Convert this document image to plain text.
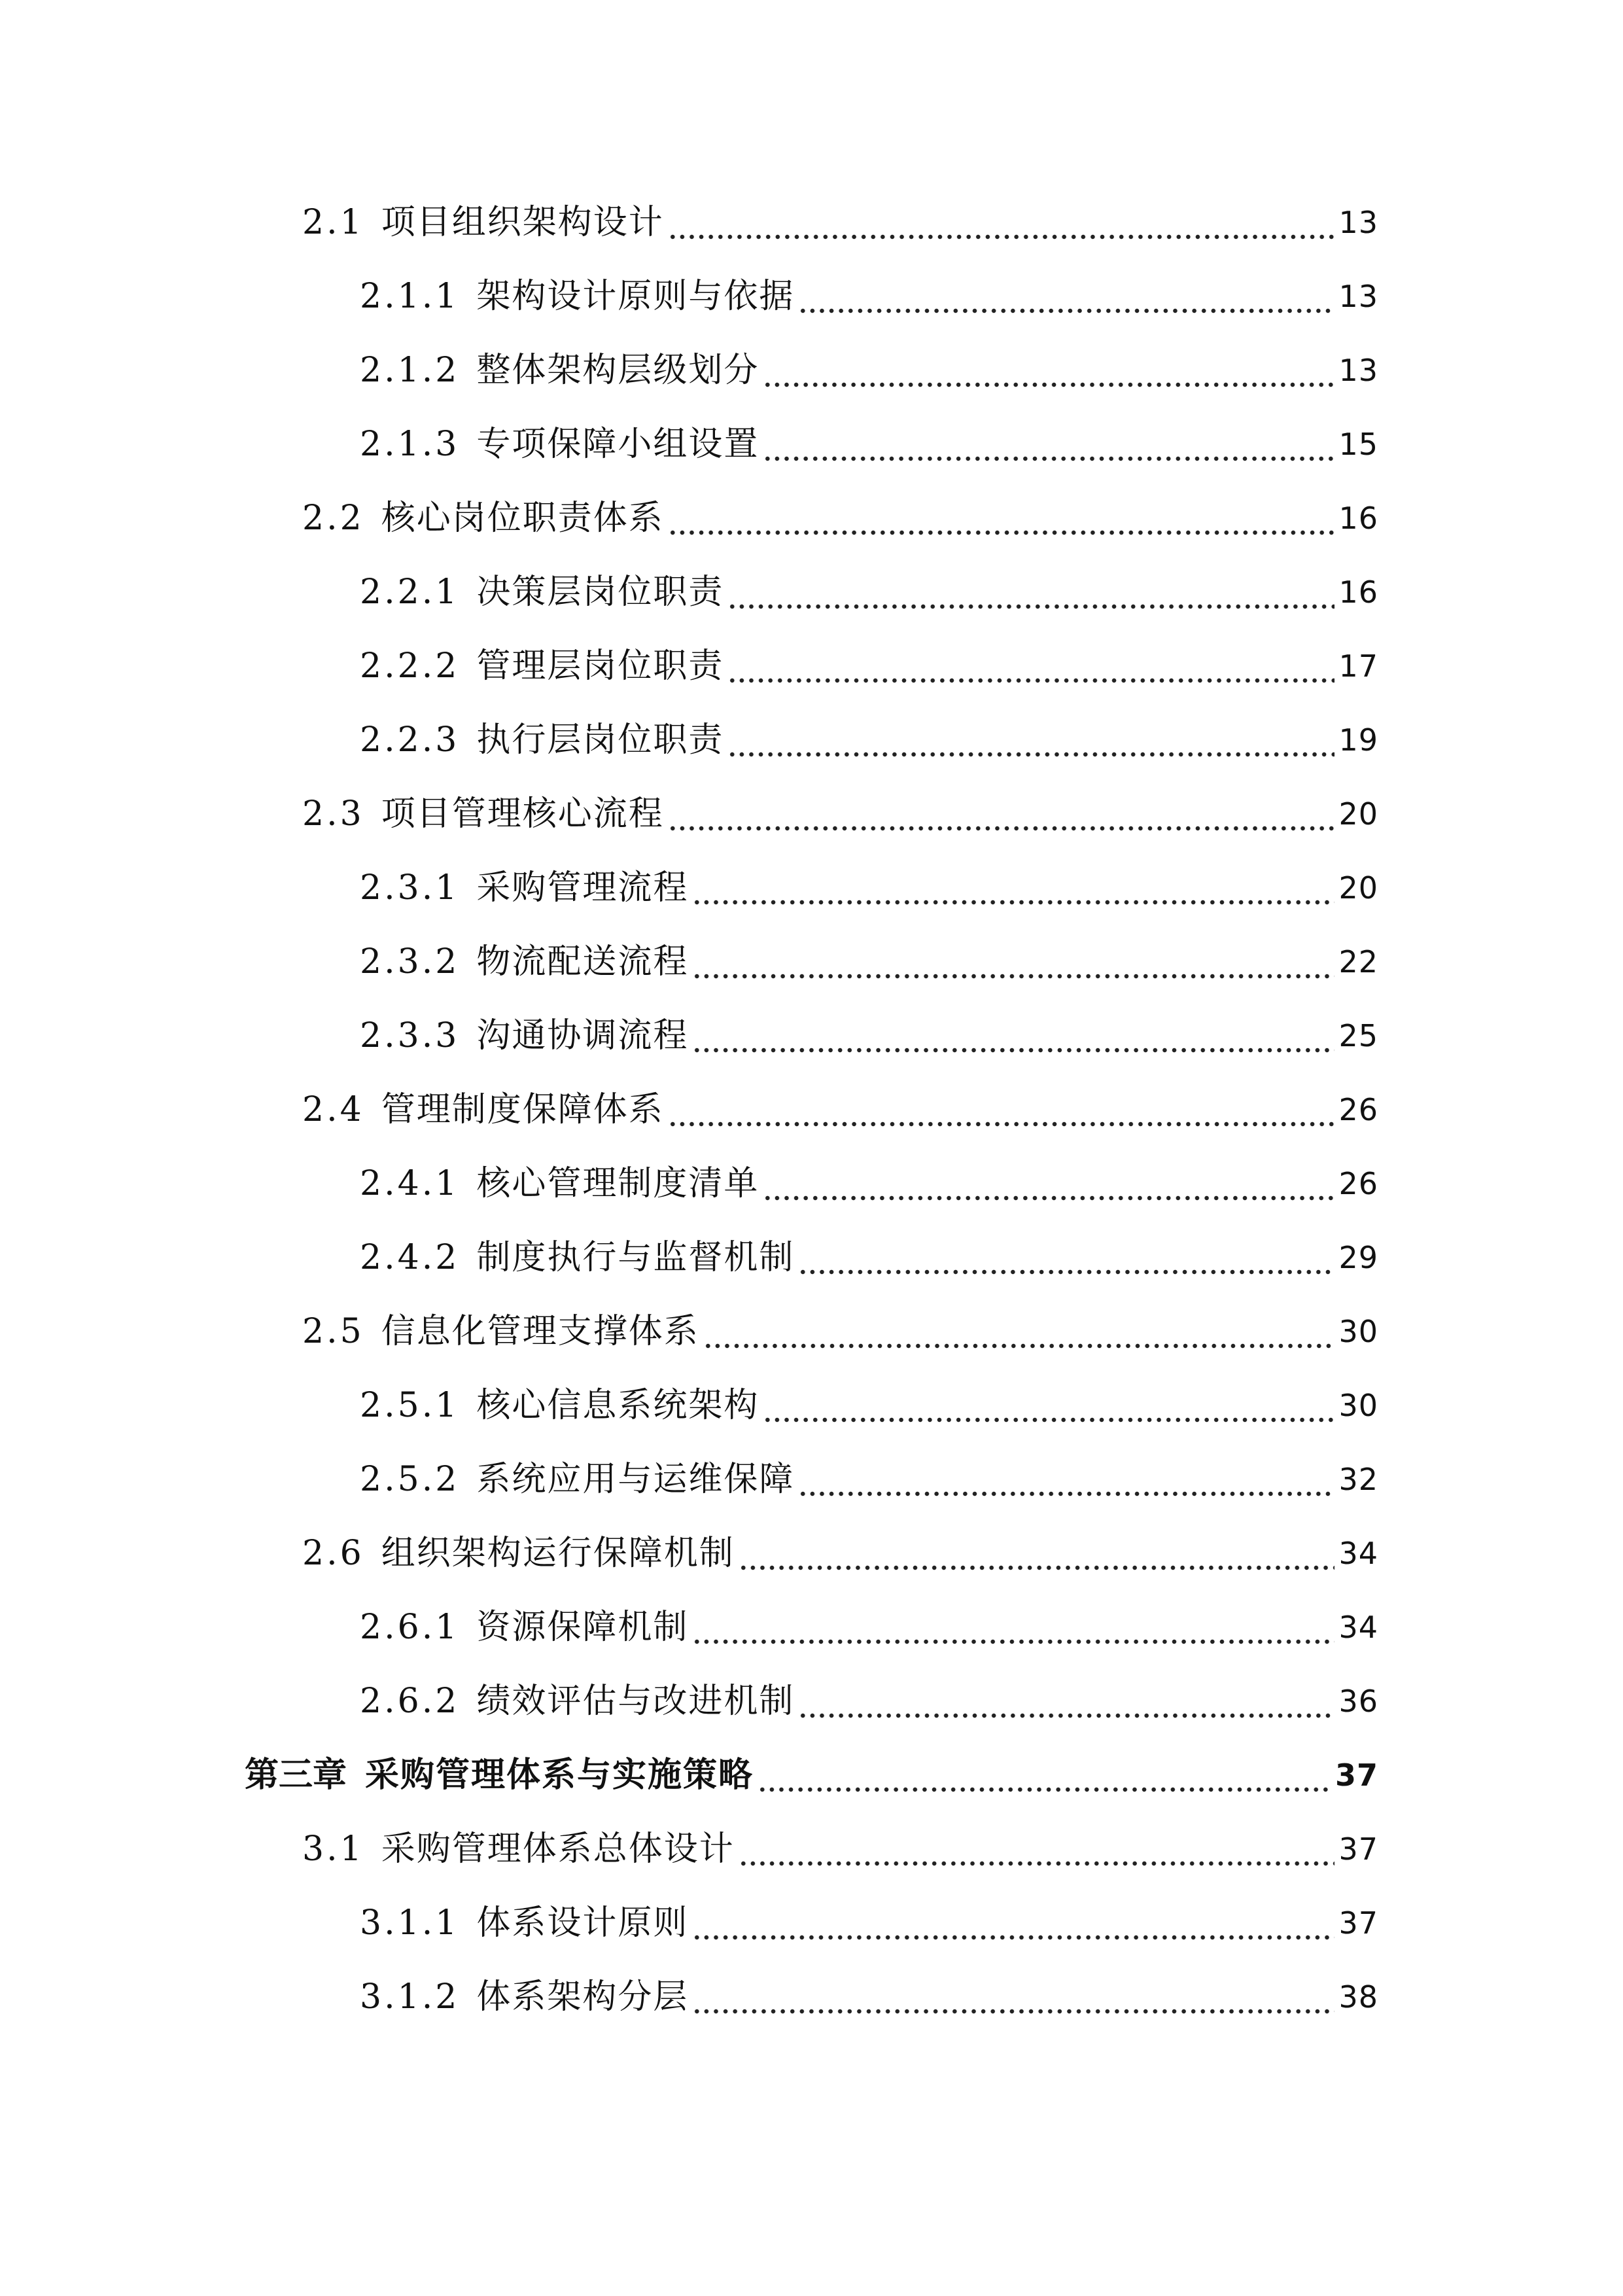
2.1 项目组织架构设计	13
2.1.1 架构设计原则与依据	13
2.1.2 整体架构层级划分	13
2.1.3 专项保障小组设置	15
2.2 核心岗位职责体系	16
2.2.1 决策层岗位职责	16
2.2.2 管理层岗位职责	17
2.2.3 执行层岗位职责	19
2.3 项目管理核心流程	20
2.3.1 采购管理流程	20
2.3.2 物流配送流程	22
2.3.3 沟通协调流程	25
2.4 管理制度保障体系	26
2.4.1 核心管理制度清单	26
2.4.2 制度执行与监督机制	29
2.5 信息化管理支撑体系	30
2.5.1 核心信息系统架构	30
2.5.2 系统应用与运维保障	32
2.6 组织架构运行保障机制	34
2.6.1 资源保障机制	34
2.6.2 绩效评估与改进机制	36
第三章 采购管理体系与实施策略	37
3.1 采购管理体系总体设计	37
3.1.1 体系设计原则	37
3.1.2 体系架构分层	38
